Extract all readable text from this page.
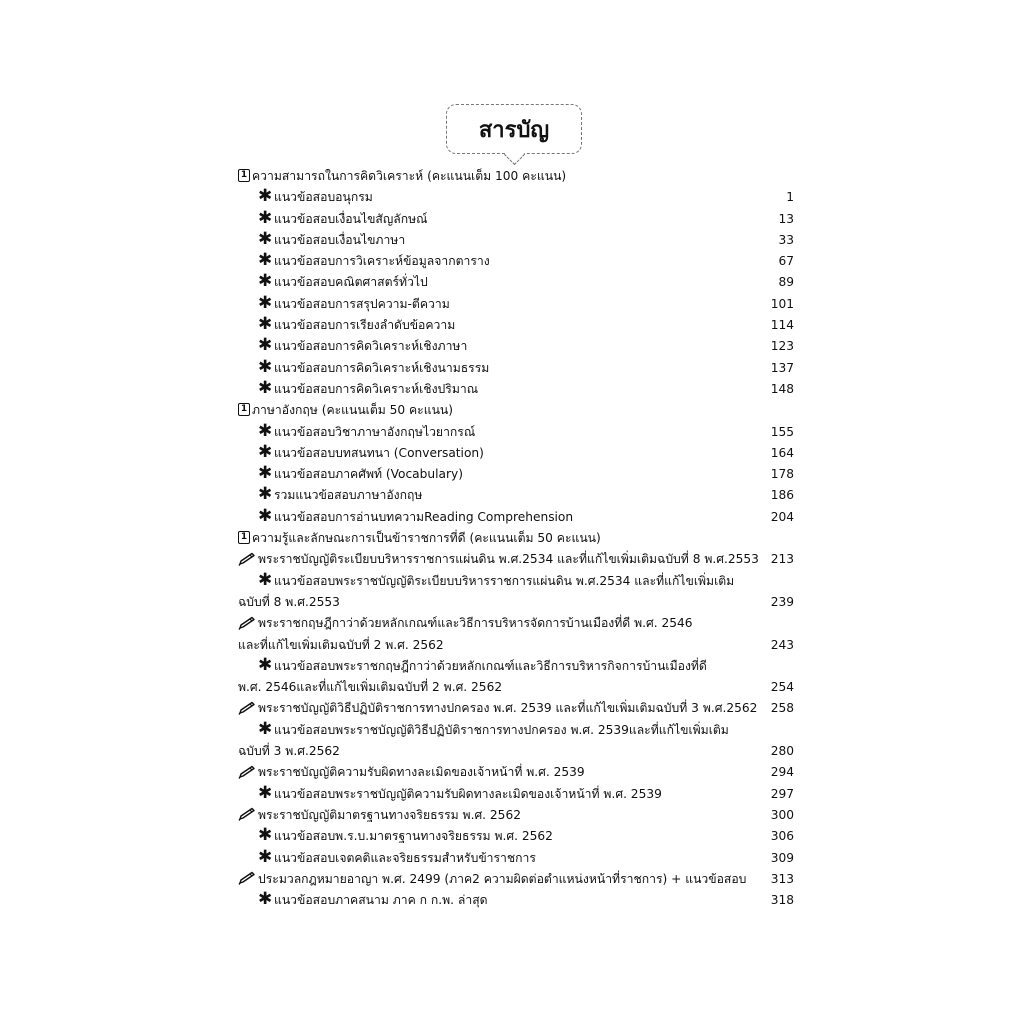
สารบัญ
1 ความสามารถในการคิดวิเคราะห์ (คะแนนเต็ม 100 คะแนน)
✱ แนวข้อสอบอนุกรม	1
✱ แนวข้อสอบเงื่อนไขสัญลักษณ์	13
✱ แนวข้อสอบเงื่อนไขภาษา	33
✱ แนวข้อสอบการวิเคราะห์ข้อมูลจากตาราง	67
✱ แนวข้อสอบคณิตศาสตร์ทั่วไป	89
✱ แนวข้อสอบการสรุปความ-ตีความ	101
✱ แนวข้อสอบการเรียงลำดับข้อความ	114
✱ แนวข้อสอบการคิดวิเคราะห์เชิงภาษา	123
✱ แนวข้อสอบการคิดวิเคราะห์เชิงนามธรรม	137
✱ แนวข้อสอบการคิดวิเคราะห์เชิงปริมาณ	148
1 ภาษาอังกฤษ (คะแนนเต็ม 50 คะแนน)
✱ แนวข้อสอบวิชาภาษาอังกฤษไวยากรณ์	155
✱ แนวข้อสอบบทสนทนา (Conversation)	164
✱ แนวข้อสอบภาคศัพท์ (Vocabulary)	178
✱ รวมแนวข้อสอบภาษาอังกฤษ	186
✱ แนวข้อสอบการอ่านบทความReading Comprehension	204
1 ความรู้และลักษณะการเป็นข้าราชการที่ดี (คะแนนเต็ม 50 คะแนน)
พระราชบัญญัติระเบียบบริหารราชการแผ่นดิน พ.ศ.2534 และที่แก้ไขเพิ่มเติมฉบับที่ 8 พ.ศ.2553 213
✱ แนวข้อสอบพระราชบัญญัติระเบียบบริหารราชการแผ่นดิน พ.ศ.2534 และที่แก้ไขเพิ่มเติม
ฉบับที่ 8 พ.ศ.2553	239
พระราชกฤษฎีกาว่าด้วยหลักเกณฑ์และวิธีการบริหารจัดการบ้านเมืองที่ดี พ.ศ. 2546
และที่แก้ไขเพิ่มเติมฉบับที่ 2 พ.ศ. 2562	243
✱ แนวข้อสอบพระราชกฤษฎีกาว่าด้วยหลักเกณฑ์และวิธีการบริหารกิจการบ้านเมืองที่ดี
พ.ศ. 2546และที่แก้ไขเพิ่มเติมฉบับที่ 2 พ.ศ. 2562	254
พระราชบัญญัติวิธีปฏิบัติราชการทางปกครอง พ.ศ. 2539 และที่แก้ไขเพิ่มเติมฉบับที่ 3 พ.ศ.2562 258
✱ แนวข้อสอบพระราชบัญญัติวิธีปฏิบัติราชการทางปกครอง พ.ศ. 2539และที่แก้ไขเพิ่มเติม
ฉบับที่ 3 พ.ศ.2562	280
พระราชบัญญัติความรับผิดทางละเมิดของเจ้าหน้าที่ พ.ศ. 2539	294
✱ แนวข้อสอบพระราชบัญญัติความรับผิดทางละเมิดของเจ้าหน้าที่ พ.ศ. 2539	297
พระราชบัญญัติมาตรฐานทางจริยธรรม พ.ศ. 2562	300
✱ แนวข้อสอบพ.ร.บ.มาตรฐานทางจริยธรรม พ.ศ. 2562	306
✱ แนวข้อสอบเจตคติและจริยธรรมสำหรับข้าราชการ	309
ประมวลกฎหมายอาญา พ.ศ. 2499 (ภาค2 ความผิดต่อตำแหน่งหน้าที่ราชการ) + แนวข้อสอบ 313
✱ แนวข้อสอบภาคสนาม ภาค ก ก.พ. ล่าสุด	318
